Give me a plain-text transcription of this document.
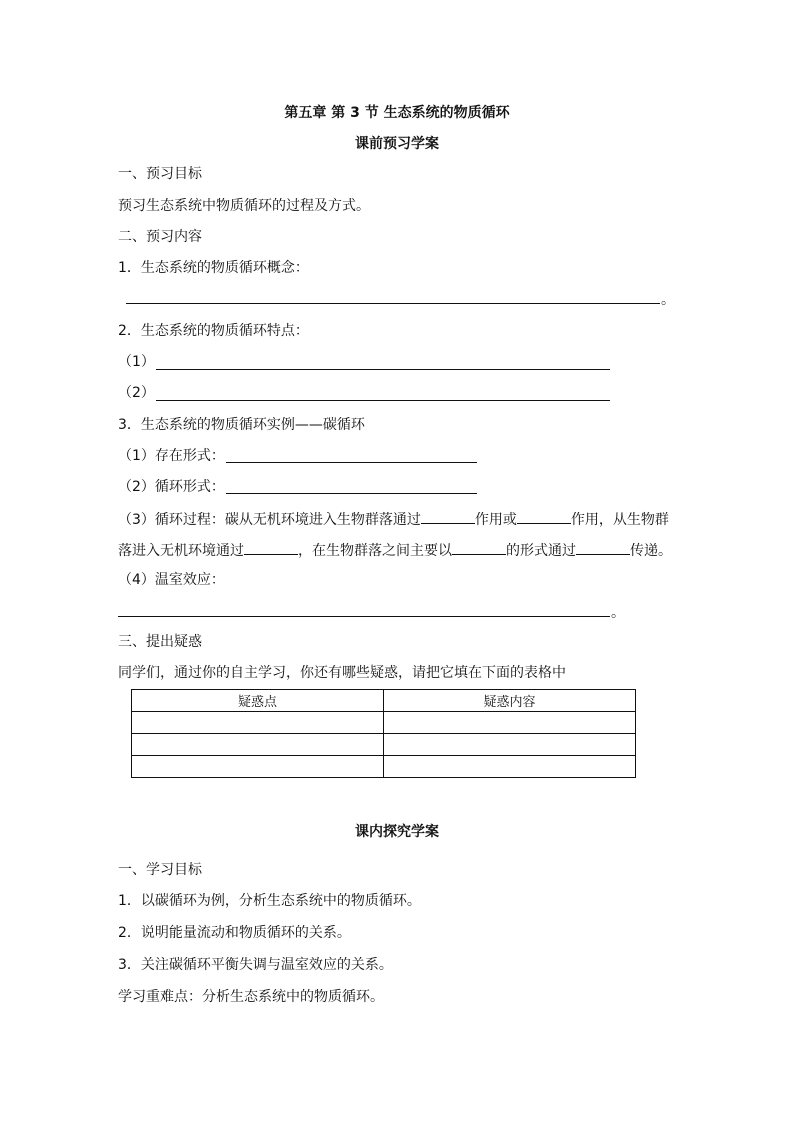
第五章 第 3 节 生态系统的物质循环
课前预习学案
一、预习目标
预习生态系统中物质循环的过程及方式。
二、预习内容
1．生态系统的物质循环概念：
。
2．生态系统的物质循环特点：
（1）
（2）
3．生态系统的物质循环实例——碳循环
（1）存在形式：
（2）循环形式：
（3）循环过程：碳从无机环境进入生物群落通过	作用或	作用，从生物群
落进入无机环境通过	，在生物群落之间主要以	的形式通过	传递。
（4）温室效应：
。
三、提出疑惑
同学们，通过你的自主学习，你还有哪些疑惑，请把它填在下面的表格中
疑惑点	疑惑内容

课内探究学案
一、学习目标
1．以碳循环为例，分析生态系统中的物质循环。
2．说明能量流动和物质循环的关系。
3．关注碳循环平衡失调与温室效应的关系。
学习重难点：分析生态系统中的物质循环。
